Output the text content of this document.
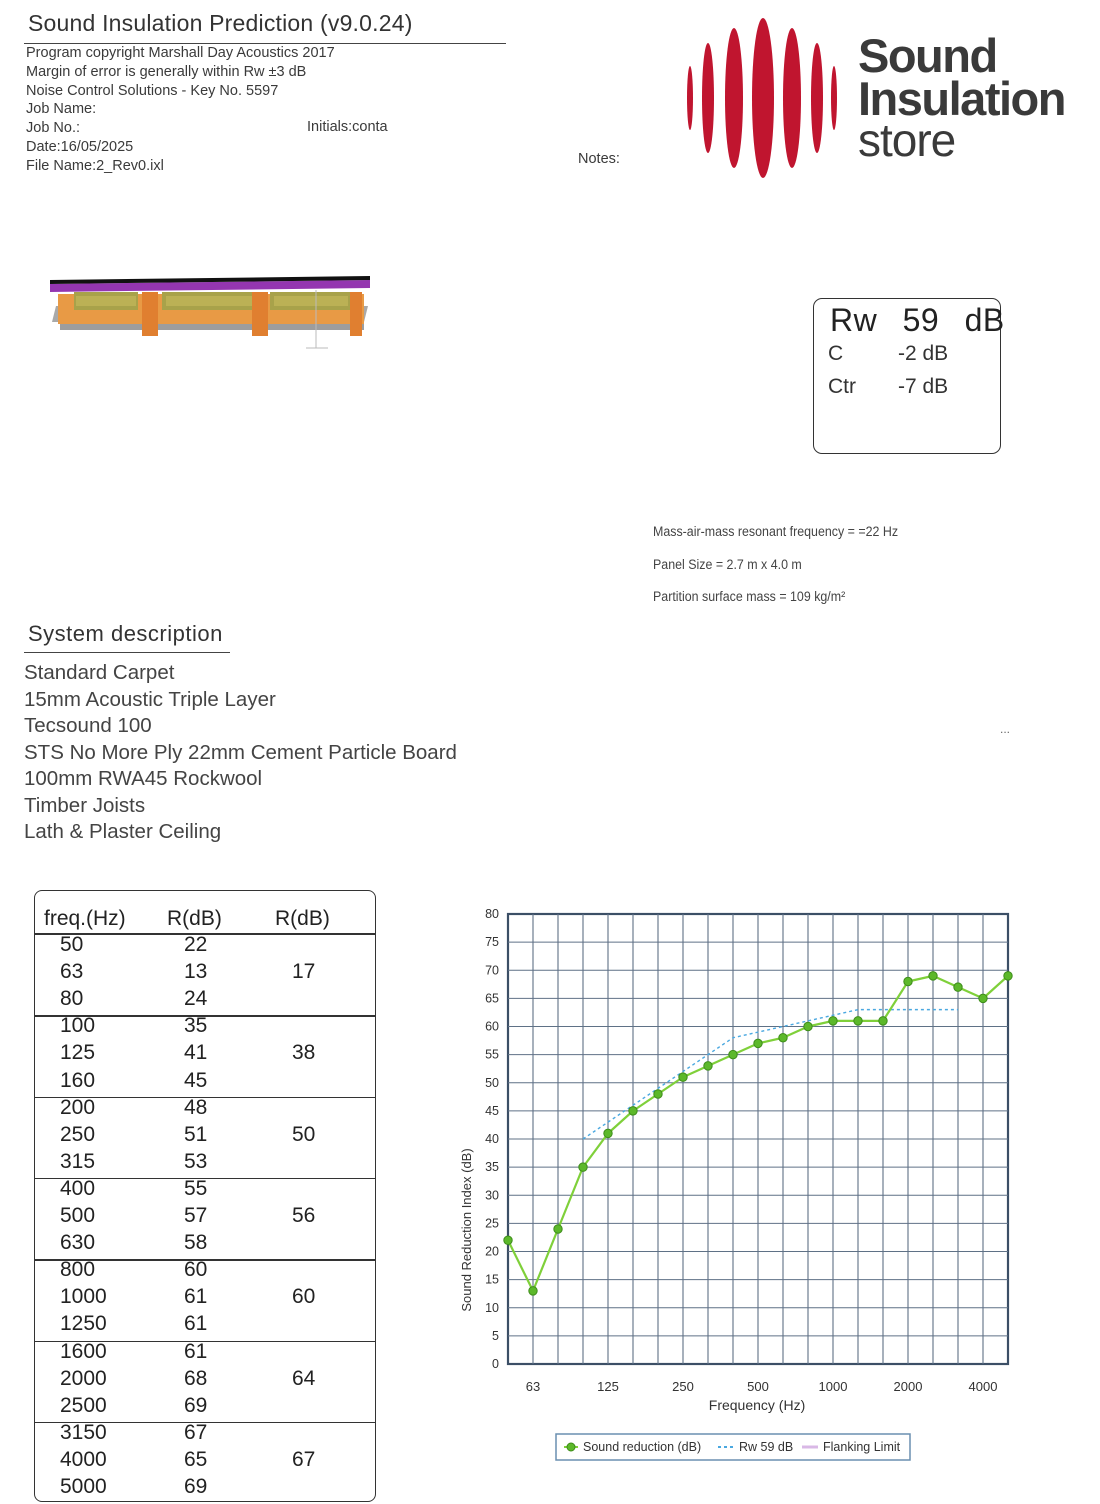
Sound Insulation Prediction (v9.0.24)
Program copyright Marshall Day Acoustics 2017
Margin of error is generally within Rw ±3 dB
Noise Control Solutions - Key No. 5597
Job Name:
Job No.:
Date:16/05/2025
File Name:2_Rev0.ixl
Initials:conta
Notes:
Sound
Insulation
store
Rw 59 dB
C	-2 dB
Ctr -7 dB
Mass-air-mass resonant frequency = =22 Hz
Panel Size = 2.7 m x 4.0 m
Partition surface mass = 109 kg/m²
System description
Standard Carpet
15mm Acoustic Triple Layer
Tecsound 100
STS No More Ply 22mm Cement Particle Board
100mm RWA45 Rockwool
Timber Joists
Lath & Plaster Ceiling
...
freq.(Hz) R(dB)	R(dB)
50	22
63	13	17
80	24
100	35
125	41	38
160	45
200	48
250	51	50
315	53
400	55
500	57	56
630	58
800	60
1000	61	60
1250	61
1600	61
2000	68	64
2500	69
3150	67
4000	65	67
5000	69
0
5
10
15
20
25
30
35
40
45
50
55
60
65
70
75
80
63	125	250	500	1000	2000	4000
Sound Reduction Index (dB)
Frequency (Hz)
Sound reduction (dB)	Rw 59 dB Flanking Limit
